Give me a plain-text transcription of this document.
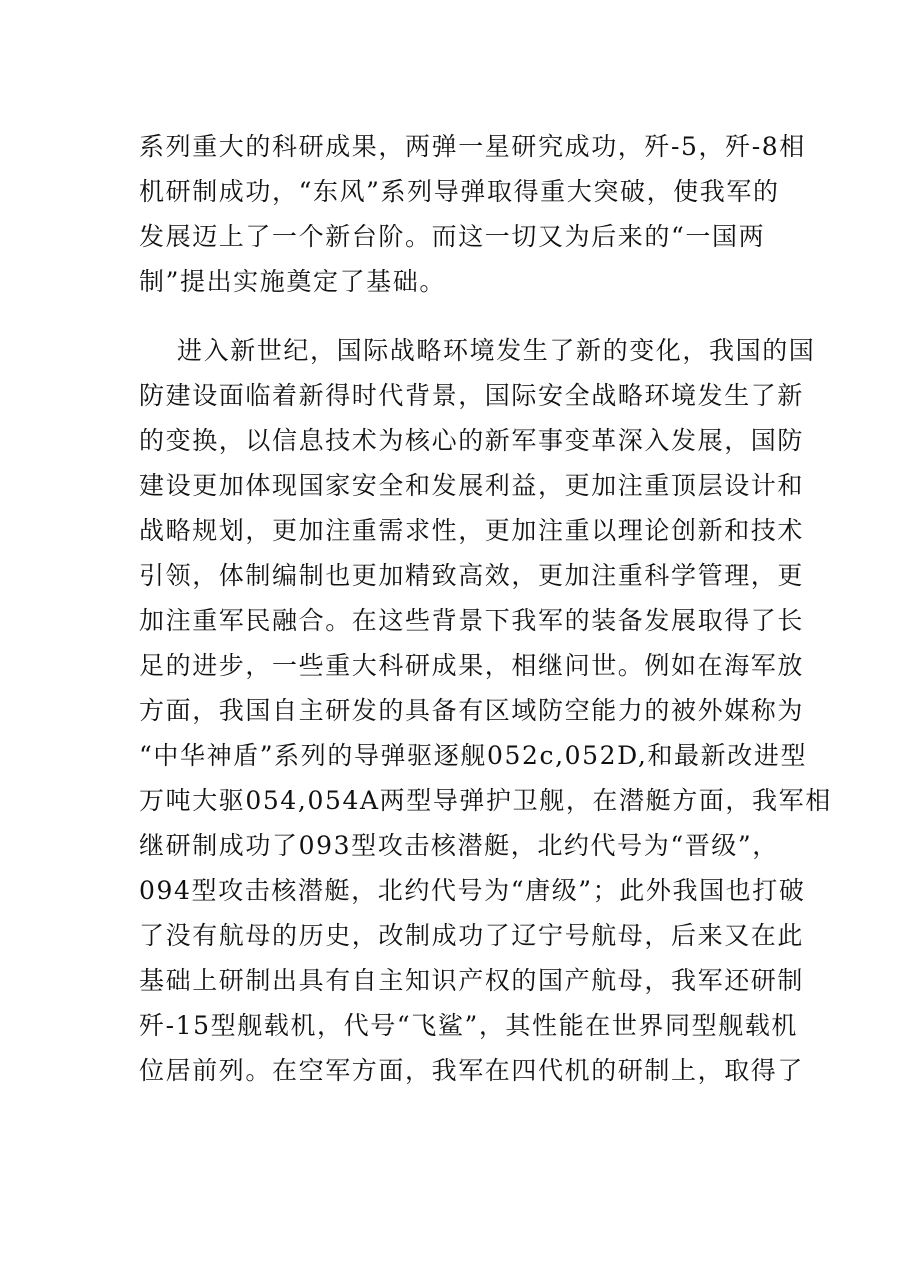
系列重大的科研成果，两弹一星研究成功，歼-5，歼-8相
机研制成功，“东风”系列导弹取得重大突破，使我军的
发展迈上了一个新台阶。而这一切又为后来的“一国两
制”提出实施奠定了基础。
进入新世纪，国际战略环境发生了新的变化，我国的国
防建设面临着新得时代背景，国际安全战略环境发生了新
的变换，以信息技术为核心的新军事变革深入发展，国防
建设更加体现国家安全和发展利益，更加注重顶层设计和
战略规划，更加注重需求性，更加注重以理论创新和技术
引领，体制编制也更加精致高效，更加注重科学管理，更
加注重军民融合。在这些背景下我军的装备发展取得了长
足的进步，一些重大科研成果，相继问世。例如在海军放
方面，我国自主研发的具备有区域防空能力的被外媒称为
“中华神盾”系列的导弹驱逐舰052c,052D,和最新改进型
万吨大驱054,054A两型导弹护卫舰，在潜艇方面，我军相
继研制成功了093型攻击核潜艇，北约代号为“晋级”，
094型攻击核潜艇，北约代号为“唐级”；此外我国也打破
了没有航母的历史，改制成功了辽宁号航母，后来又在此
基础上研制出具有自主知识产权的国产航母，我军还研制
歼-15型舰载机，代号“飞鲨”，其性能在世界同型舰载机
位居前列。在空军方面，我军在四代机的研制上，取得了
